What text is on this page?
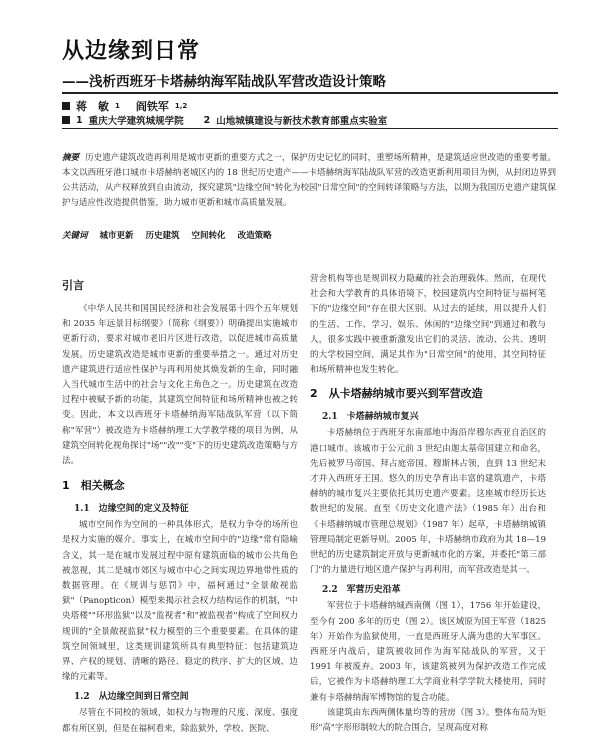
从边缘到日常
——浅析西班牙卡塔赫纳海军陆战队军营改造设计策略
蒋　敏 1 阎铁军 1,2
1 重庆大学建筑城规学院 2 山地城镇建设与新技术教育部重点实验室
摘要 历史遗产建筑改造再利用是城市更新的重要方式之一，保护历史记忆的同时，重塑场所精神，是建筑适应世改造的重要考量。本文以西班牙港口城市卡塔赫纳老城区内的 18 世纪历史遗产——卡塔赫纳海军陆战队军营的改造更新利用项目为例，从封闭边界到公共活动，从产权释放到自由流动，探究建筑"边缘空间"转化为校园"日常空间"的空间转译策略与方法，以期为我国历史遗产建筑保护与适应性改造提供借鉴，助力城市更新和城市高质量发展。
关键词 城市更新 历史建筑 空间转化 改造策略
引言

《中华人民共和国国民经济和社会发展第十四个五年规划和 2035 年远景目标纲要》（简称《纲要》）明确提出实施城市更新行动，要求对城市老旧片区进行改造，以促进城市高质量发展。历史建筑改造是城市更新的重要举措之一。通过对历史遗产建筑进行适应性保护与再利用使其焕发新的生命，同时融入当代城市生活中的社会与文化主角色之一。历史建筑在改造过程中被赋予新的功能，其建筑空间特征和场所精神也被之转变。因此，本文以西班牙卡塔赫纳海军陆战队军营（以下简称"军营"）被改造为卡塔赫纳理工大学教学楼的项目为例，从建筑空间转化视角探讨"场""改""变"下的历史建筑改造策略与方法。

1　相关概念
1.1　边缘空间的定义及特征

城市空间作为空间的一种具体形式，是权力争夺的场所也是权力实施的媒介。事实上，在城市空间中的"边缘"常有隐喻含义，其一是在城市发展过程中原有建筑面临的城市公共角色被忽视，其二是城市郊区与城市中心之间实现边界地带性质的数据管理。在《规训与惩罚》中，福柯通过"全景敞视监狱"（Panopticon）模型来揭示社会权力结构运作的机制，"中央塔楼""环形监狱"以及"监视者"和"被监视者"构成了空间权力规训的"全景敞视监狱"权力模型的三个重要要素。在具体的建筑空间领域里，这类规训建筑所具有典型特征：包括建筑边界、产权的规划、清晰的路径、稳定的秩序、扩大的区域、边缘的元素等。

1.2　从边缘空间到日常空间

尽管在不同校的领域，如权力与物理的尺度、深度、强度都有所区别，但是在福柯看来，除监狱外，学校、医院、

营舍机构等也是规训权力隐藏的社会治理载体。然而，在现代社会和大学教育的具体语境下，校园建筑内空间特征与福柯笔下的"边缘空间"存在很大区别。从过去的延续，用以提升人们的生活、工作、学习、娱乐、休闲的"边缘空间"到通过和教与人，很多实践中被重新激发出它们的灵活、流动、公共、透明的大学校园空间，满足其作为"日常空间"的使用，其空间特征和场所精神也发生转化。

2　从卡塔赫纳城市要兴到军营改造
2.1　卡塔赫纳城市复兴

卡塔赫纳位于西班牙东南部地中海沿岸穆尔西亚自治区的港口城市。该城市于公元前 3 世纪由迦太基帝国建立和命名，先后被罗马帝国、拜占庭帝国、穆斯林占领，直到 13 世纪末才并入西班牙王国。悠久的历史孕育出丰富的建筑遗产，卡塔赫纳的城市复兴主要依托其历史遗产要素。这座城市经历长达数世纪的发展。直至《历史文化遗产法》（1985 年）出台和《卡塔赫纳城市管理总规划》（1987 年）起草，卡塔赫纳城镇管理局制定更新导则。2005 年，卡塔赫纳市政府为其 18—19 世纪的历史建筑制定开放与更新城市化的方案，并委托"第三部门"的力量进行地区遗产保护与再利用，而军营改造是其一。

2.2　军营历史沿革

军营位于卡塔赫纳城西南侧（图 1），1756 年开始建设，至今有 200 多年的历史（图 2）。该区域原为国王军营（1825 年）开始作为监狱使用，一直是西班牙人满为患的大军事区。西班牙内战后，建筑被收回作为海军陆战队的军营，又于 1991 年被废弃。2003 年，该建筑被列为保护改造工作完成后，它被作为卡塔赫纳理工大学商业科学学院大楼使用，同时兼有卡塔赫纳海军博物馆的复合功能。

该建筑由东西两侧体量均等的营房（图 3）。整体布局为矩形"高"字形形制较大的院合围合，呈现高度对称
